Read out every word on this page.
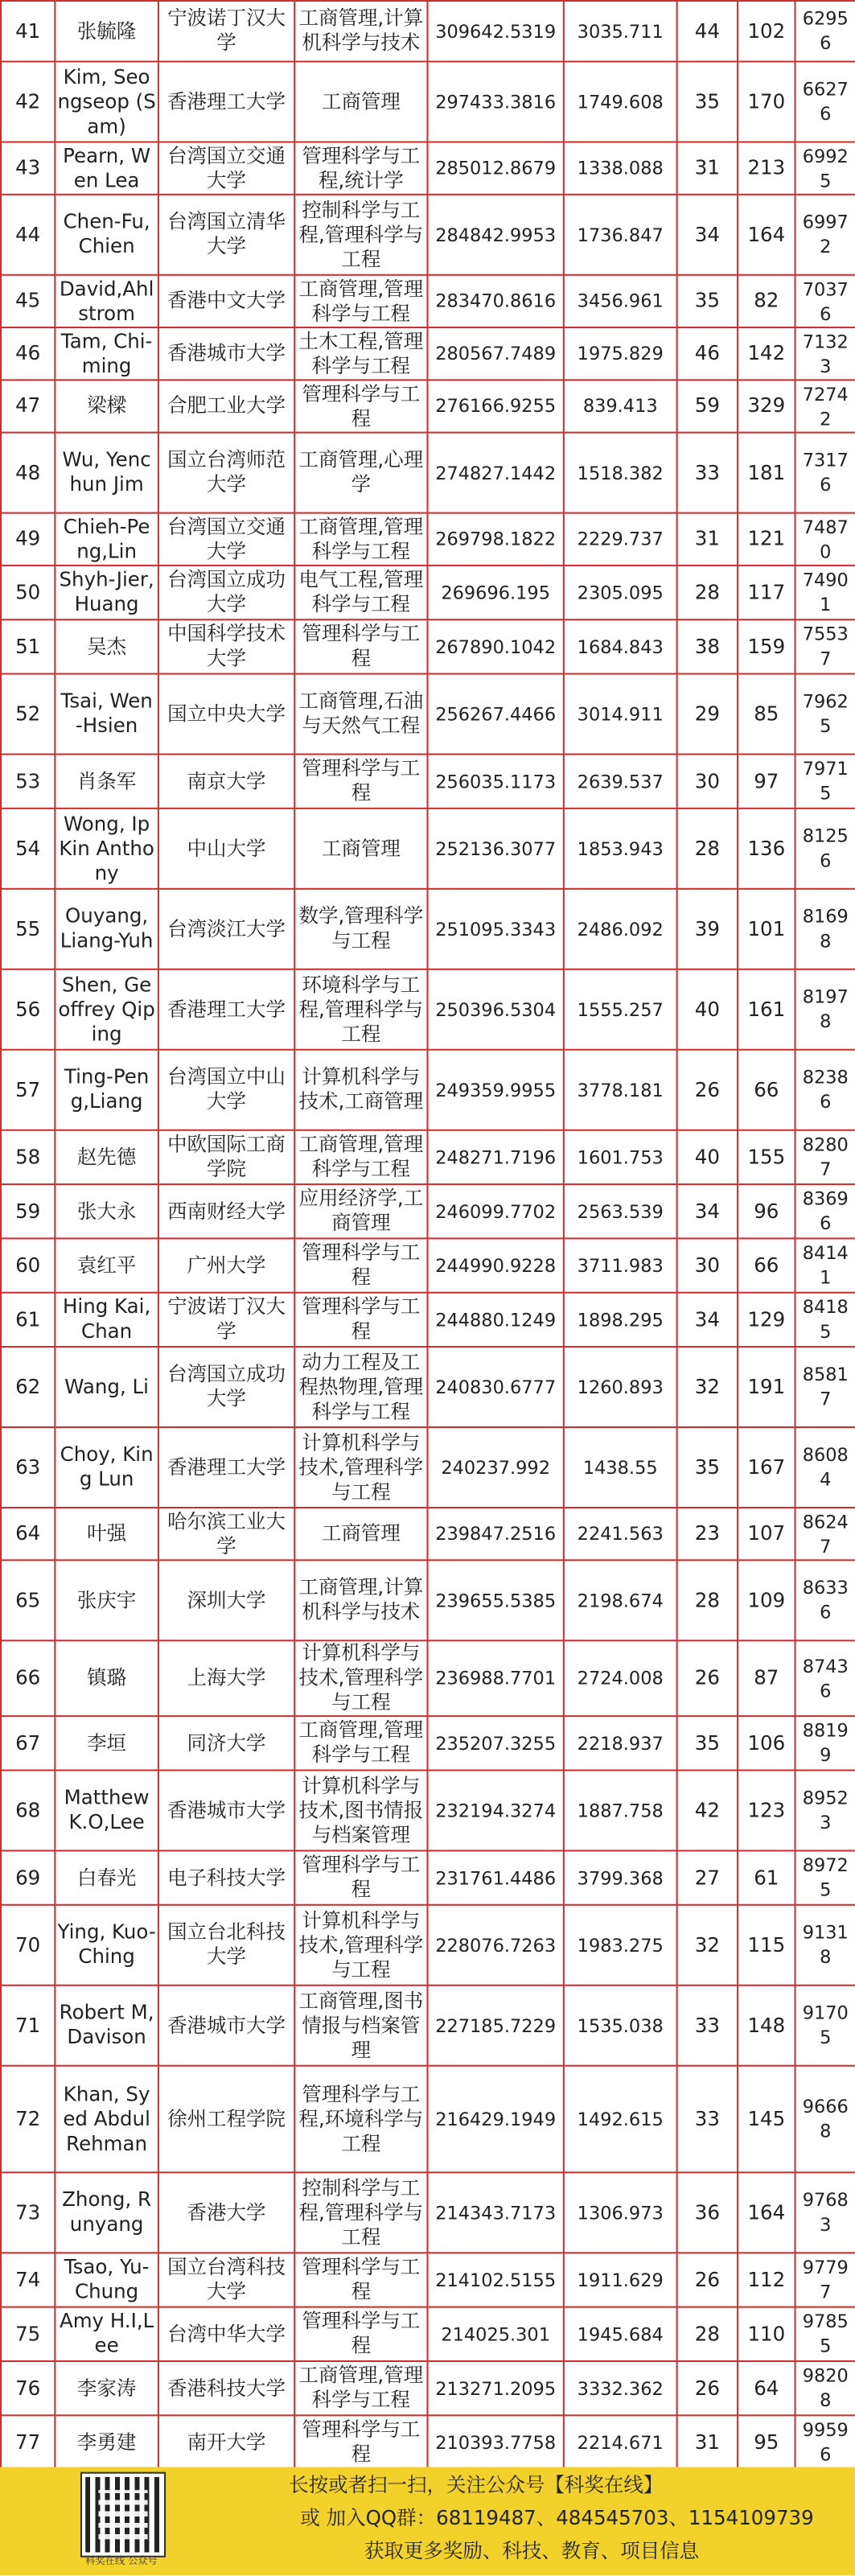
41	张毓隆	宁波诺丁汉大学	工商管理,计算机科学与技术	309642.5319	3035.711	44	102	62956
42	Kim, Seongseop (Sam)	香港理工大学	工商管理	297433.3816	1749.608	35	170	66276
43	Pearn, Wen Lea	台湾国立交通大学	管理科学与工程,统计学	285012.8679	1338.088	31	213	69925
44	Chen-Fu,Chien	台湾国立清华大学	控制科学与工程,管理科学与工程	284842.9953	1736.847	34	164	69972
45	David,Ahlstrom	香港中文大学	工商管理,管理科学与工程	283470.8616	3456.961	35	82	70376
46	Tam, Chi-ming	香港城市大学	土木工程,管理科学与工程	280567.7489	1975.829	46	142	71323
47	梁樑	合肥工业大学	管理科学与工程	276166.9255	839.413	59	329	72742
48	Wu, Yenchun Jim	国立台湾师范大学	工商管理,心理学	274827.1442	1518.382	33	181	73176
49	Chieh-Peng,Lin	台湾国立交通大学	工商管理,管理科学与工程	269798.1822	2229.737	31	121	74870
50	Shyh-Jier,Huang	台湾国立成功大学	电气工程,管理科学与工程	269696.195	2305.095	28	117	74901
51	吴杰	中国科学技术大学	管理科学与工程	267890.1042	1684.843	38	159	75537
52	Tsai, Wen-Hsien	国立中央大学	工商管理,石油与天然气工程	256267.4466	3014.911	29	85	79625
53	肖条军	南京大学	管理科学与工程	256035.1173	2639.537	30	97	79715
54	Wong, IpKin Anthony	中山大学	工商管理	252136.3077	1853.943	28	136	81256
55	Ouyang, Liang-Yuh	台湾淡江大学	数学,管理科学与工程	251095.3343	2486.092	39	101	81698
56	Shen, Geoffrey Qiping	香港理工大学	环境科学与工程,管理科学与工程	250396.5304	1555.257	40	161	81978
57	Ting-Peng,Liang	台湾国立中山大学	计算机科学与技术,工商管理	249359.9955	3778.181	26	66	82386
58	赵先德	中欧国际工商学院	工商管理,管理科学与工程	248271.7196	1601.753	40	155	82807
59	张大永	西南财经大学	应用经济学,工商管理	246099.7702	2563.539	34	96	83696
60	袁红平	广州大学	管理科学与工程	244990.9228	3711.983	30	66	84141
61	Hing Kai,Chan	宁波诺丁汉大学	管理科学与工程	244880.1249	1898.295	34	129	84185
62	Wang, Li	台湾国立成功大学	动力工程及工程热物理,管理科学与工程	240830.6777	1260.893	32	191	85817
63	Choy, King Lun	香港理工大学	计算机科学与技术,管理科学与工程	240237.992	1438.55	35	167	86084
64	叶强	哈尔滨工业大学	工商管理	239847.2516	2241.563	23	107	86247
65	张庆宇	深圳大学	工商管理,计算机科学与技术	239655.5385	2198.674	28	109	86336
66	镇璐	上海大学	计算机科学与技术,管理科学与工程	236988.7701	2724.008	26	87	87436
67	李垣	同济大学	工商管理,管理科学与工程	235207.3255	2218.937	35	106	88199
68	Matthew K.O,Lee	香港城市大学	计算机科学与技术,图书情报与档案管理	232194.3274	1887.758	42	123	89523
69	白春光	电子科技大学	管理科学与工程	231761.4486	3799.368	27	61	89725
70	Ying, Kuo-Ching	国立台北科技大学	计算机科学与技术,管理科学与工程	228076.7263	1983.275	32	115	91318
71	Robert M,Davison	香港城市大学	工商管理,图书情报与档案管理	227185.7229	1535.038	33	148	91705
72	Khan, Syed Abdul Rehman	徐州工程学院	管理科学与工程,环境科学与工程	216429.1949	1492.615	33	145	96668
73	Zhong, Runyang	香港大学	控制科学与工程,管理科学与工程	214343.7173	1306.973	36	164	97683
74	Tsao, Yu-Chung	国立台湾科技大学	管理科学与工程	214102.5155	1911.629	26	112	97797
75	Amy H.I,Lee	台湾中华大学	管理科学与工程	214025.301	1945.684	28	110	97855
76	李家涛	香港科技大学	工商管理,管理科学与工程	213271.2095	3332.362	26	64	98208
77	李勇建	南开大学	管理科学与工程	210393.7758	2214.671	31	95	99596
科奖在线 公众号
长按或者扫一扫，关注公众号【科奖在线】
或 加入QQ群：68119487、484545703、1154109739
获取更多奖励、科技、教育、项目信息
